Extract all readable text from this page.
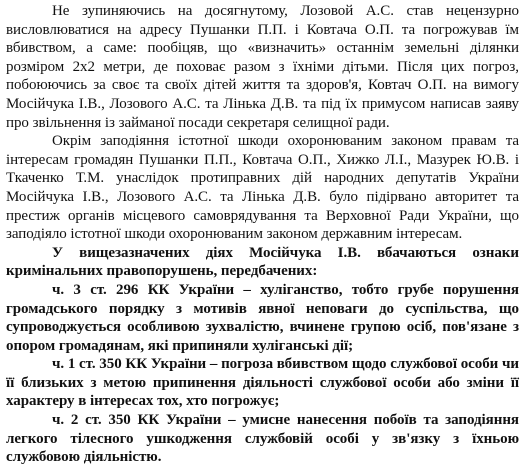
Не зупиняючись на досягнутому, Лозовой А.С. став нецензурно висловлюватися на адресу Пушанки П.П. і Ковтача О.П. та погрожував їм вбивством, а саме: пообіцяв, що «визначить» останнім земельні ділянки розміром 2х2 метри, де поховає разом з їхніми дітьми. Після цих погроз, побоюючись за своє та своїх дітей життя та здоров'я, Ковтач О.П. на вимогу Мосійчука І.В., Лозового А.С. та Лінька Д.В. та під їх примусом написав заяву про звільнення із займаної посади секретаря селищної ради.

Окрім заподіяння істотної шкоди охоронюваним законом правам та інтересам громадян Пушанки П.П., Ковтача О.П., Хижко Л.І., Мазурек Ю.В. і Ткаченко Т.М. унаслідок протиправних дій народних депутатів України Мосійчука І.В., Лозового А.С. та Лінька Д.В. було підірвано авторитет та престиж органів місцевого самоврядування та Верховної Ради України, що заподіяло істотної шкоди охоронюваним законом державним інтересам.

У вищезазначених діях Мосійчука І.В. вбачаються ознаки кримінальних правопорушень, передбачених:

ч. 3 ст. 296 КК України – хуліганство, тобто грубе порушення громадського порядку з мотивів явної неповаги до суспільства, що супроводжується особливою зухвалістю, вчинене групою осіб, пов'язане з опором громадянам, які припиняли хуліганські дії;

ч. 1 ст. 350 КК України – погроза вбивством щодо службової особи чи її близьких з метою припинення діяльності службової особи або зміни її характеру в інтересах тох, хто погрожує;

ч. 2 ст. 350 КК України – умисне нанесення побоїв та заподіяння легкого тілесного ушкодження службовій особі у зв'язку з їхньою службовою діяльністю.
